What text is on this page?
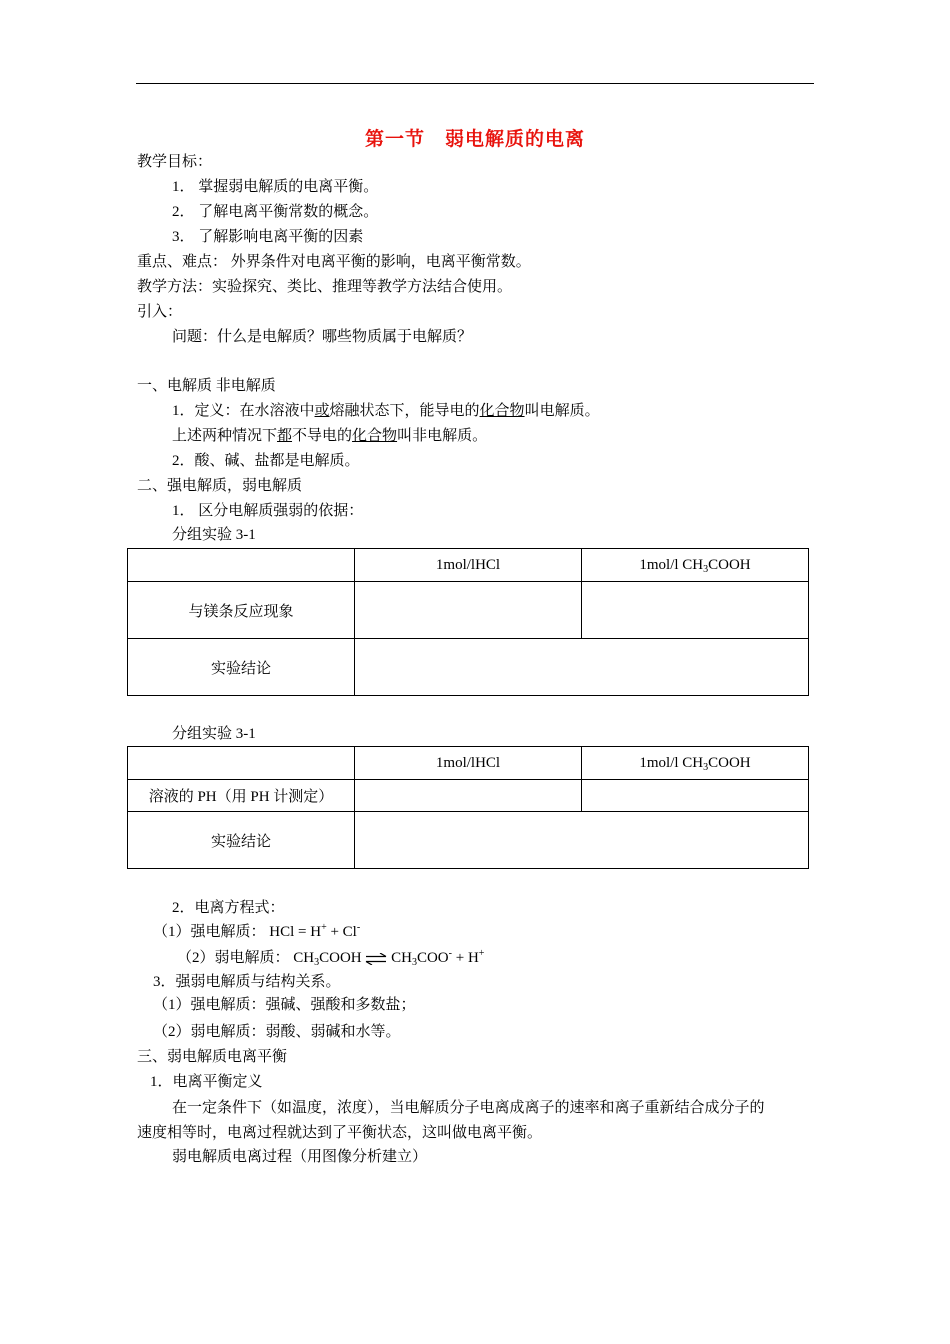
第一节　弱电解质的电离
教学目标：
1． 掌握弱电解质的电离平衡。
2． 了解电离平衡常数的概念。
3． 了解影响电离平衡的因素
重点、难点： 外界条件对电离平衡的影响，电离平衡常数。
教学方法：实验探究、类比、推理等教学方法结合使用。
引入：
问题：什么是电解质？哪些物质属于电解质？
一、电解质 非电解质
1．定义：在水溶液中或熔融状态下，能导电的化合物叫电解质。
上述两种情况下都不导电的化合物叫非电解质。
2．酸、碱、盐都是电解质。
二、强电解质，弱电解质
1． 区分电解质强弱的依据：
分组实验 3-1
	1mol/lHCl	1mol/l $CH_3COOH$
与镁条反应现象		
实验结论		
分组实验 3-1
	1mol/lHCl	1mol/l $CH_3COOH$
溶液的 PH（用 PH 计测定）		
实验结论		
2．电离方程式：
（1）强电解质： HCl = H+ + Cl-
（2）弱电解质： $CH_3COOH$ ⇌ $CH_3COO^- + H^+$
3．强弱电解质与结构关系。
（1）强电解质：强碱、强酸和多数盐；
（2）弱电解质：弱酸、弱碱和水等。
三、弱电解质电离平衡
1．电离平衡定义
在一定条件下（如温度，浓度），当电解质分子电离成离子的速率和离子重新结合成分子的
速度相等时，电离过程就达到了平衡状态，这叫做电离平衡。
弱电解质电离过程（用图像分析建立）
